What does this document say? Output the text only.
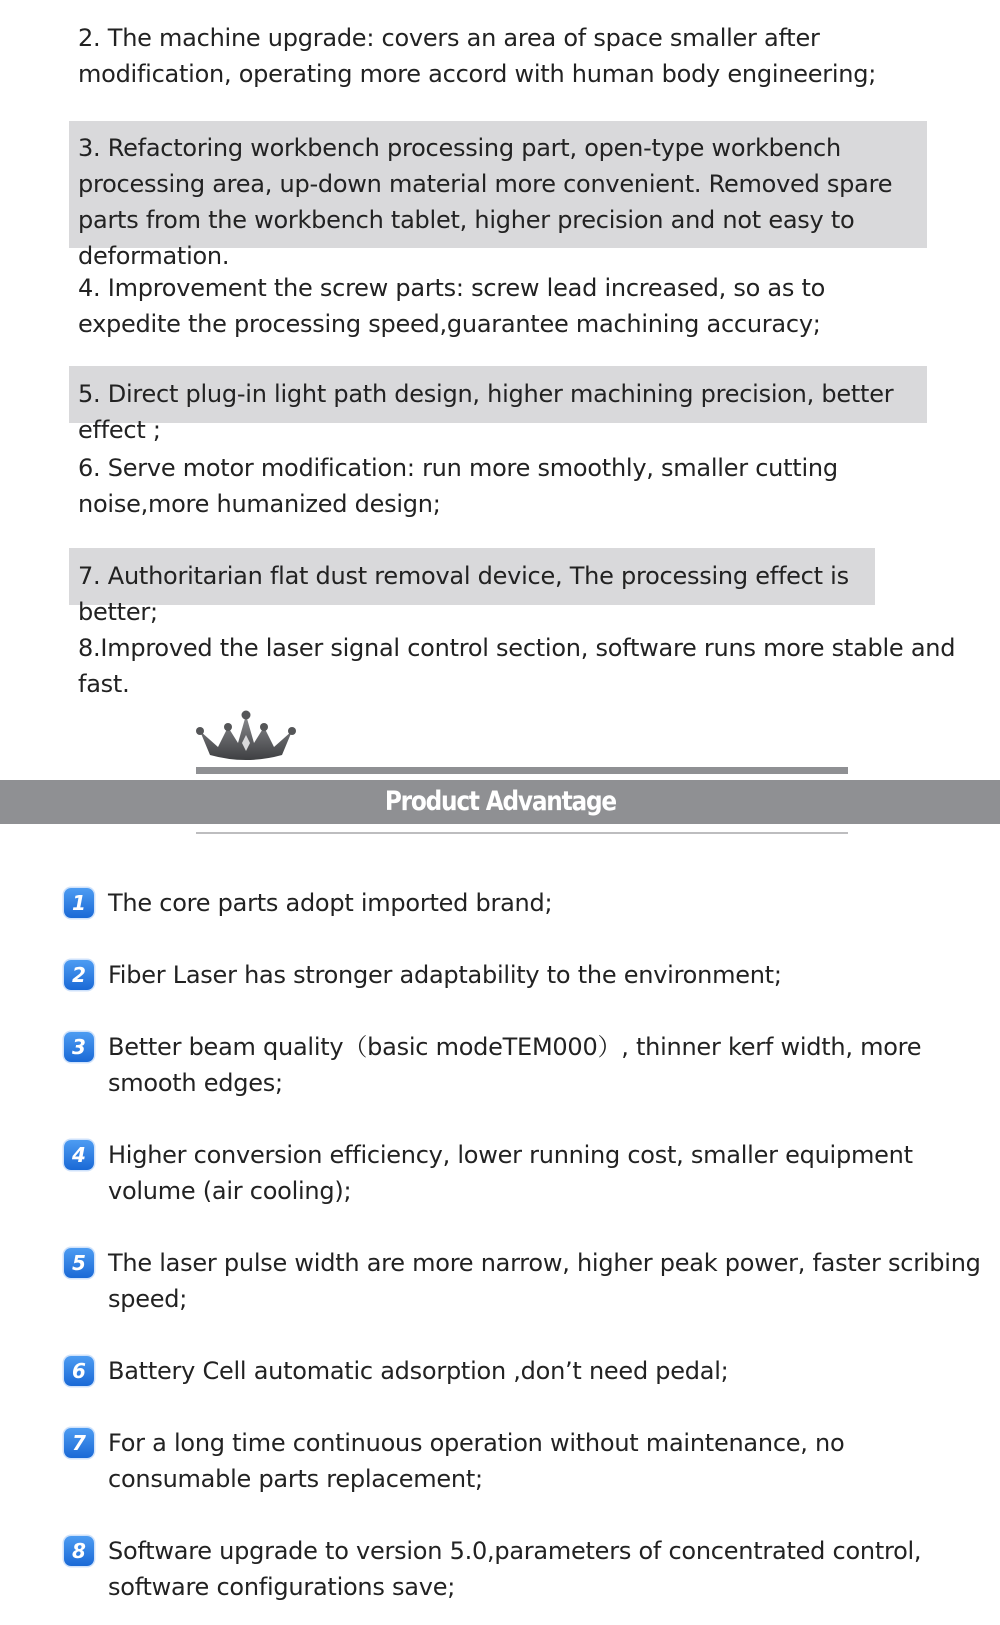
2. The machine upgrade: covers an area of space smaller after modification, operating more accord with human body engineering;
3. Refactoring workbench processing part, open-type workbench processing area, up-down material more convenient. Removed spare parts from the workbench tablet, higher precision and not easy to deformation.
4. Improvement the screw parts: screw lead increased, so as to expedite the processing speed,guarantee machining accuracy;
5. Direct plug-in light path design, higher machining precision, better effect ;
6. Serve motor modification: run more smoothly, smaller cutting noise,more humanized design;
7. Authoritarian flat dust removal device, The processing effect is better;
8.Improved the laser signal control section, software runs more stable and fast.
Product Advantage
1 The core parts adopt imported brand;
2 Fiber Laser has stronger adaptability to the environment;
3 Better beam quality（basic modeTEM000）, thinner kerf width, more smooth edges;
4 Higher conversion efficiency, lower running cost, smaller equipment volume (air cooling);
5 The laser pulse width are more narrow, higher peak power, faster scribing speed;
6 Battery Cell automatic adsorption ,don’t need pedal;
7 For a long time continuous operation without maintenance, no consumable parts replacement;
8 Software upgrade to version 5.0,parameters of concentrated control, software configurations save;
